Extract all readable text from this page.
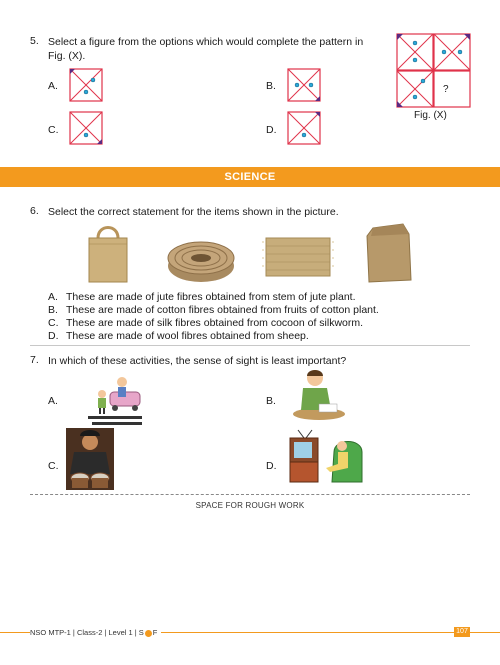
5. Select a figure from the options which would complete the pattern in
Fig. (X).
A.	B.
C.	D.
?
Fig. (X)
SCIENCE
6. Select the correct statement for the items shown in the picture.
A. These are made of jute fibres obtained from stem of jute plant.
B. These are made of cotton fibres obtained from fruits of cotton plant.
C. These are made of silk fibres obtained from cocoon of silkworm.
D. These are made of wool fibres obtained from sheep.
7. In which of these activities, the sense of sight is least important?
A.	B.
C.	D.
SPACE FOR ROUGH WORK
NSO MTP-1 | Class-2 | Level 1 | S F	107
